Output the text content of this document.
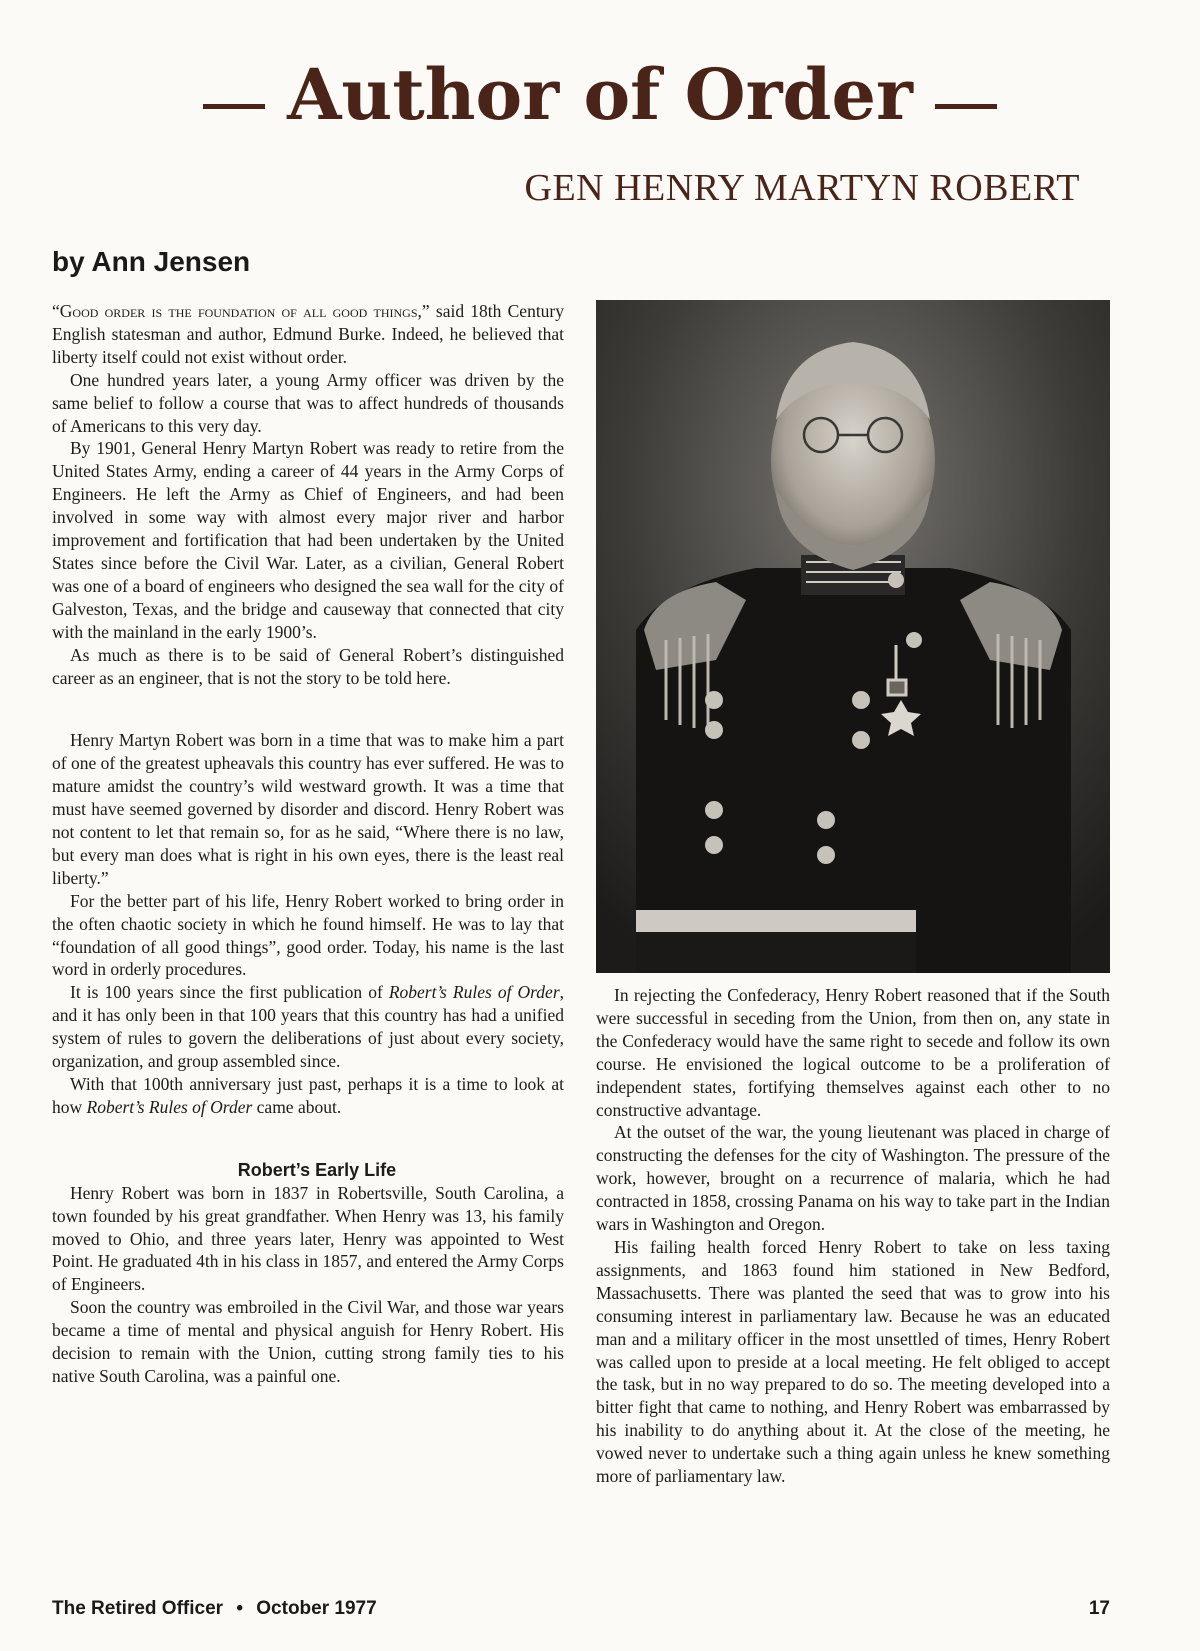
Author of Order
GEN HENRY MARTYN ROBERT
by Ann Jensen

“Good order is the foundation of all good things,” said 18th Century English statesman and author, Edmund Burke. Indeed, he believed that liberty itself could not exist without order.

One hundred years later, a young Army officer was driven by the same belief to follow a course that was to affect hundreds of thousands of Americans to this very day.

By 1901, General Henry Martyn Robert was ready to retire from the United States Army, ending a career of 44 years in the Army Corps of Engineers. He left the Army as Chief of Engineers, and had been involved in some way with almost every major river and harbor improvement and fortification that had been undertaken by the United States since before the Civil War. Later, as a civilian, General Robert was one of a board of engineers who designed the sea wall for the city of Galveston, Texas, and the bridge and causeway that connected that city with the mainland in the early 1900’s.

As much as there is to be said of General Robert’s distinguished career as an engineer, that is not the story to be told here.

Henry Martyn Robert was born in a time that was to make him a part of one of the greatest upheavals this country has ever suffered. He was to mature amidst the country’s wild westward growth. It was a time that must have seemed governed by disorder and discord. Henry Robert was not content to let that remain so, for as he said, “Where there is no law, but every man does what is right in his own eyes, there is the least real liberty.”

For the better part of his life, Henry Robert worked to bring order in the often chaotic society in which he found himself. He was to lay that “foundation of all good things”, good order. Today, his name is the last word in orderly procedures.

It is 100 years since the first publication of Robert’s Rules of Order, and it has only been in that 100 years that this country has had a unified system of rules to govern the deliberations of just about every society, organization, and group assembled since.

With that 100th anniversary just past, perhaps it is a time to look at how Robert’s Rules of Order came about.

Robert’s Early Life

Henry Robert was born in 1837 in Robertsville, South Carolina, a town founded by his great grandfather. When Henry was 13, his family moved to Ohio, and three years later, Henry was appointed to West Point. He graduated 4th in his class in 1857, and entered the Army Corps of Engineers.

Soon the country was embroiled in the Civil War, and those war years became a time of mental and physical anguish for Henry Robert. His decision to remain with the Union, cutting strong family ties to his native South Carolina, was a painful one.

In rejecting the Confederacy, Henry Robert reasoned that if the South were successful in seceding from the Union, from then on, any state in the Confederacy would have the same right to secede and follow its own course. He envisioned the logical outcome to be a proliferation of independent states, fortifying themselves against each other to no constructive advantage.

At the outset of the war, the young lieutenant was placed in charge of constructing the defenses for the city of Washington. The pressure of the work, however, brought on a recurrence of malaria, which he had contracted in 1858, crossing Panama on his way to take part in the Indian wars in Washington and Oregon.

His failing health forced Henry Robert to take on less taxing assignments, and 1863 found him stationed in New Bedford, Massachusetts. There was planted the seed that was to grow into his consuming interest in parliamentary law. Because he was an educated man and a military officer in the most unsettled of times, Henry Robert was called upon to preside at a local meeting. He felt obliged to accept the task, but in no way prepared to do so. The meeting developed into a bitter fight that came to nothing, and Henry Robert was embarrassed by his inability to do anything about it. At the close of the meeting, he vowed never to undertake such a thing again unless he knew something more of parliamentary law.

The Retired Officer • October 1977	17
